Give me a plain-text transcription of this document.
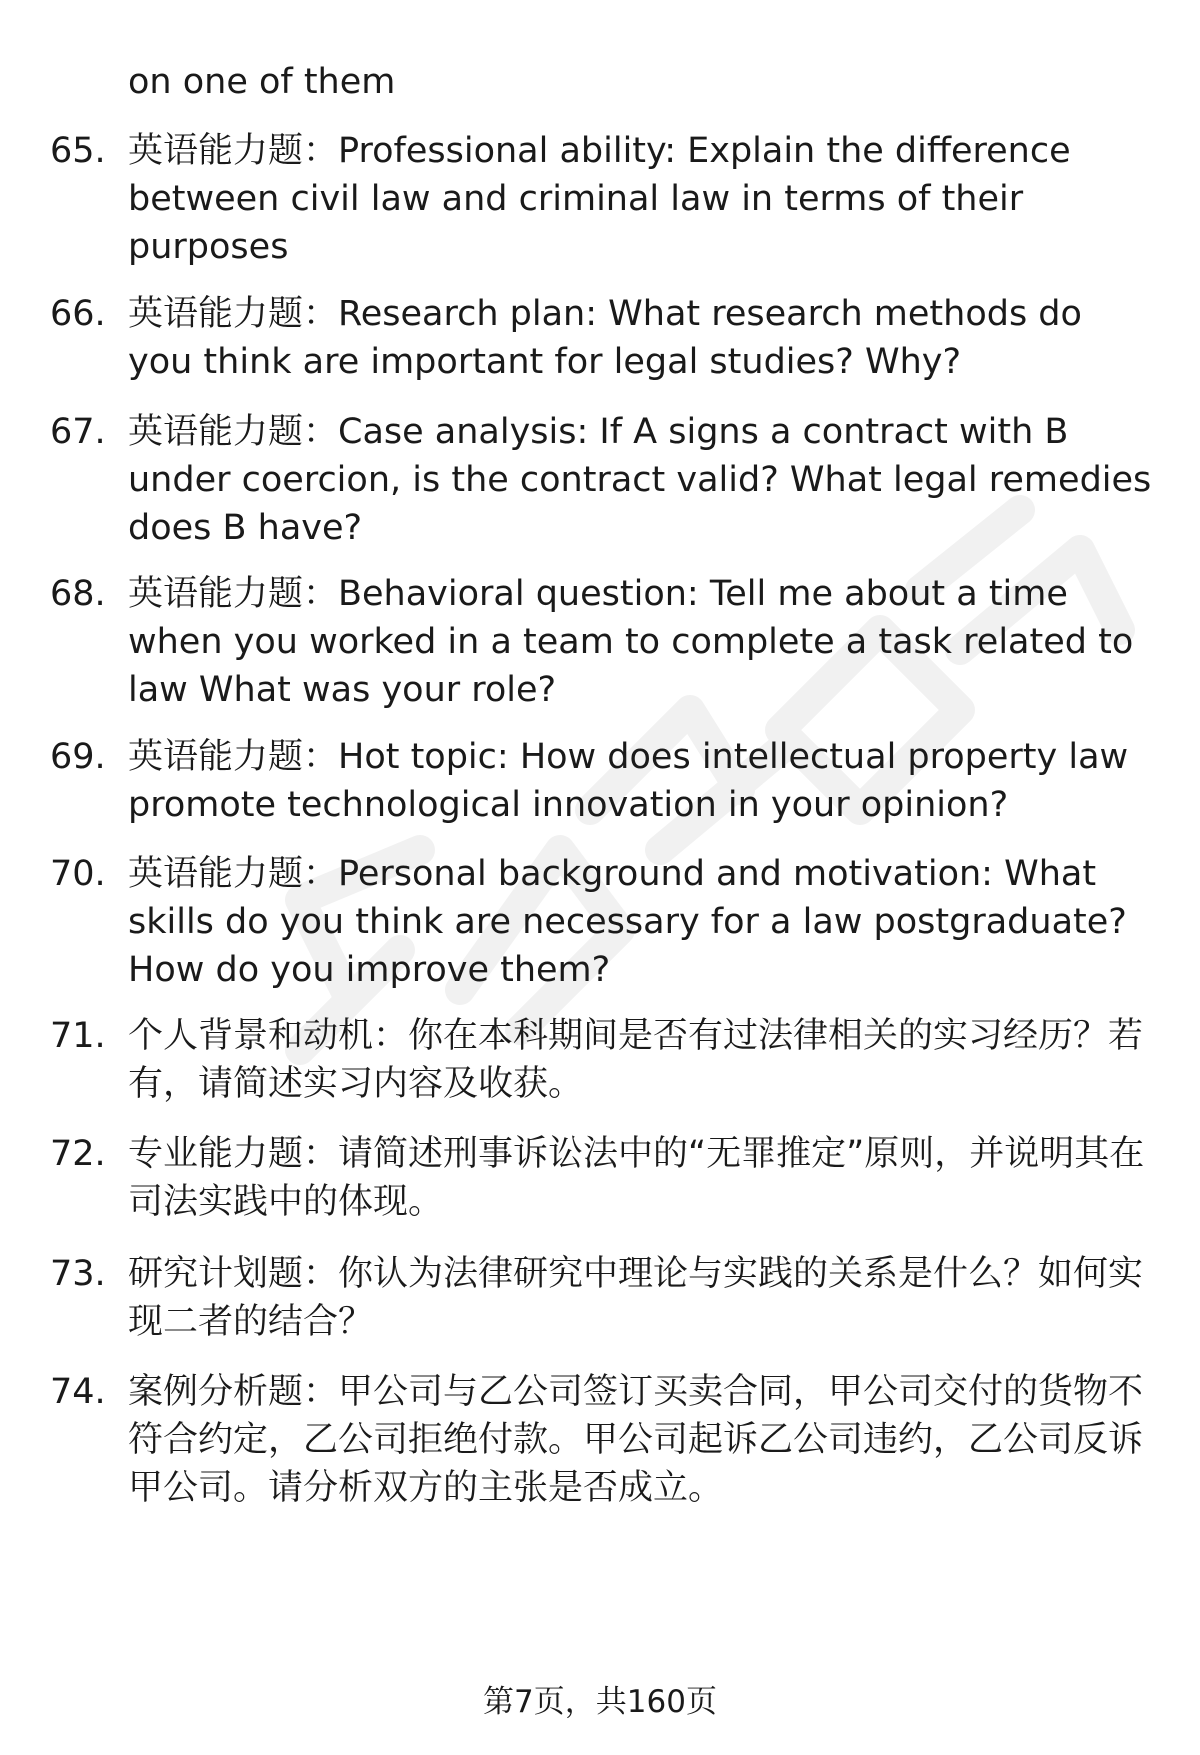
on one of them

65. 英语能力题：Professional ability: Explain the difference between civil law and criminal law in terms of their purposes
66. 英语能力题：Research plan: What research methods do you think are important for legal studies? Why?
67. 英语能力题：Case analysis: If A signs a contract with B under coercion, is the contract valid? What legal remedies does B have?
68. 英语能力题：Behavioral question: Tell me about a time when you worked in a team to complete a task related to law What was your role?
69. 英语能力题：Hot topic: How does intellectual property law promote technological innovation in your opinion?
70. 英语能力题：Personal background and motivation: What skills do you think are necessary for a law postgraduate? How do you improve them?
71. 个人背景和动机：你在本科期间是否有过法律相关的实习经历？若有，请简述实习内容及收获。
72. 专业能力题：请简述刑事诉讼法中的“无罪推定”原则，并说明其在司法实践中的体现。
73. 研究计划题：你认为法律研究中理论与实践的关系是什么？如何实现二者的结合？
74. 案例分析题：甲公司与乙公司签订买卖合同，甲公司交付的货物不符合约定，乙公司拒绝付款。甲公司起诉乙公司违约，乙公司反诉甲公司。请分析双方的主张是否成立。
第7页，共160页
